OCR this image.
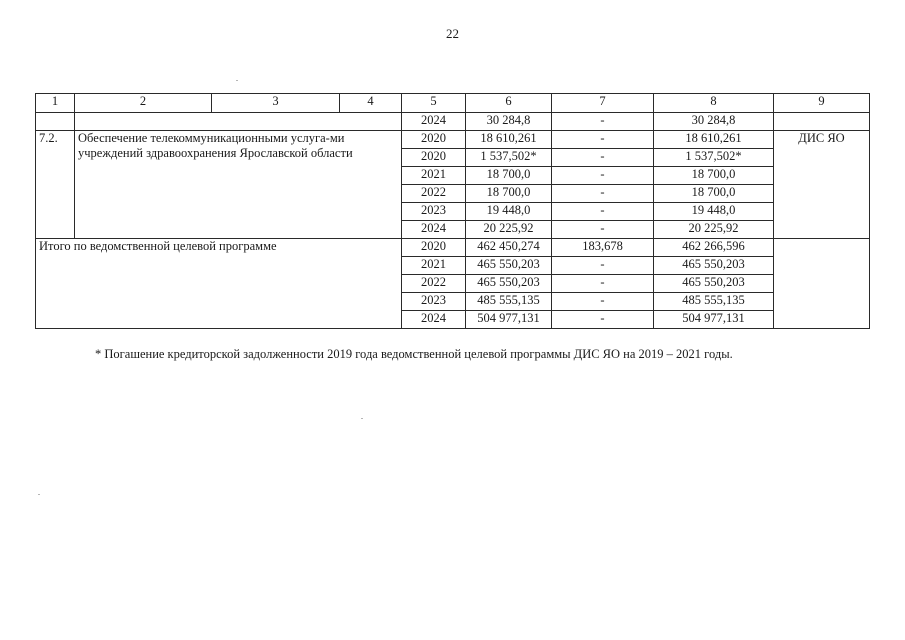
22
1	2	3	4	5	6	7	8	9
				2024	30 284,8	-	30 284,8	
7.2.	Обеспечение телекоммуникационными услуга-ми учреждений здравоохранения Ярославской области			2020	18 610,261	-	18 610,261	ДИС ЯО
				2020	1 537,502*	-	1 537,502*	
				2021	18 700,0	-	18 700,0	
				2022	18 700,0	-	18 700,0	
				2023	19 448,0	-	19 448,0	
				2024	20 225,92	-	20 225,92	
Итого по ведомственной целевой программе				2020	462 450,274	183,678	462 266,596	
				2021	465 550,203	-	465 550,203	
				2022	465 550,203	-	465 550,203	
				2023	485 555,135	-	485 555,135	
				2024	504 977,131	-	504 977,131	
* Погашение кредиторской задолженности 2019 года ведомственной целевой программы ДИС ЯО на 2019 – 2021 годы.
